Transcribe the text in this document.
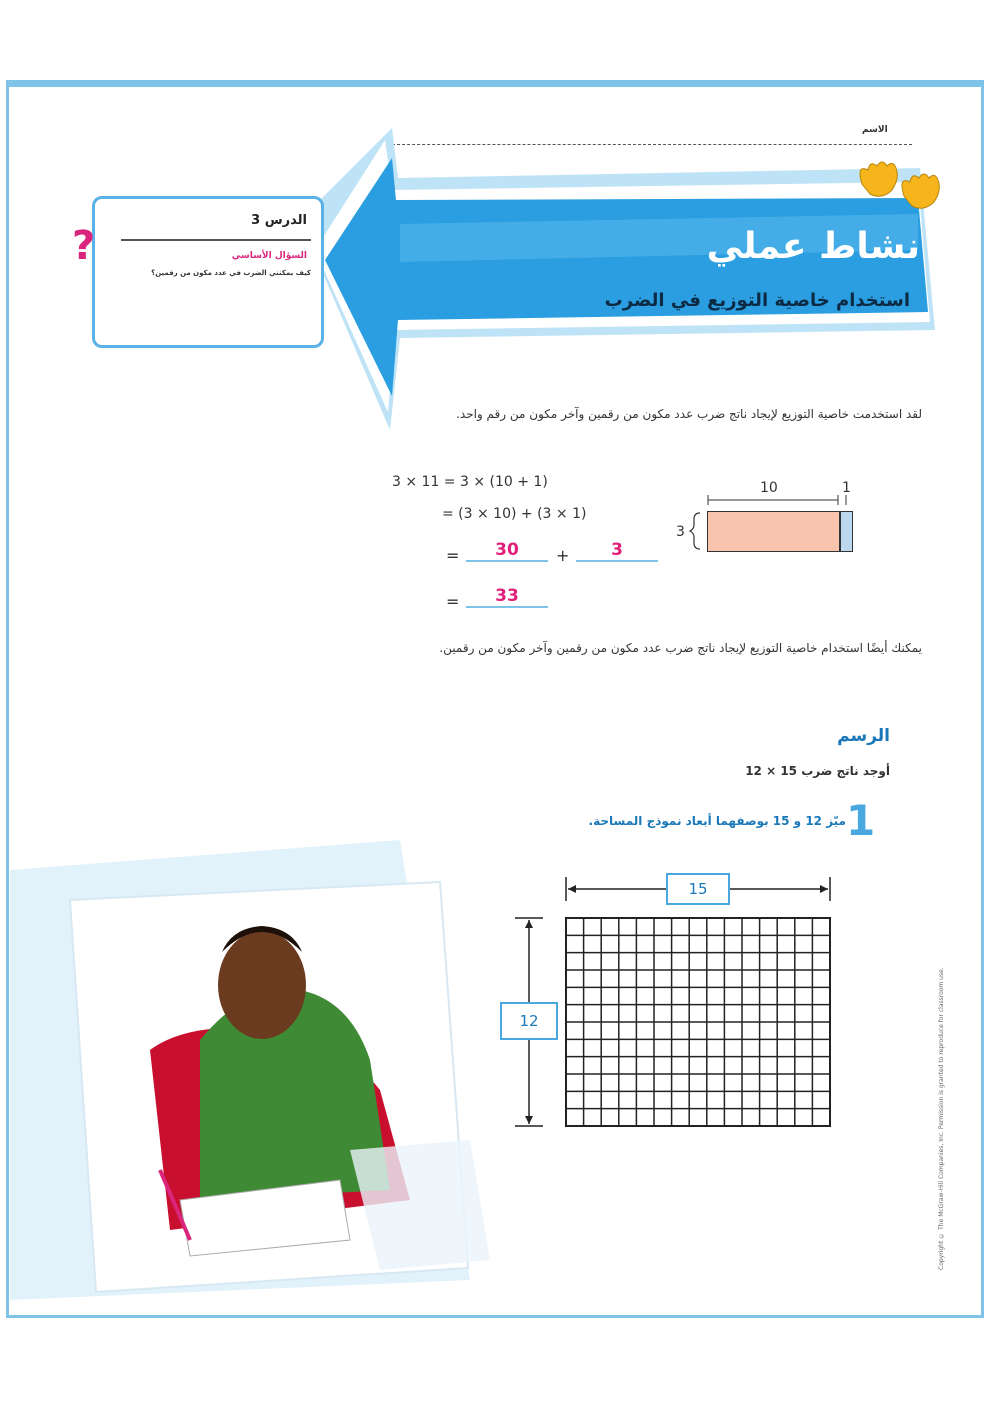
الاسم
نشاط عملي
استخدام خاصية التوزيع في الضرب
الدرس 3
السؤال الأساسي
كيف يمكنني الضرب في عدد مكون من رقمين؟
?
لقد استخدمت خاصية التوزيع لإيجاد ناتج ضرب عدد مكون من رقمين وآخر مكون من رقم واحد.
3 × 11 = 3 × (10 + 1)
= (3 × 10) + (3 × 1)
=	30	+	3
=	33
10	1
3
يمكنك أيضًا استخدام خاصية التوزيع لإيجاد ناتج ضرب عدد مكون من رقمين وآخر مكون من رقمين.
الرسم
أوجد ناتج ضرب 15 × 12
1
ميّز 12 و 15 بوصفهما أبعاد نموذج المساحة.
15
12	Copyright © The McGraw-Hill Companies, Inc. Permission is granted to reproduce for classroom use.
